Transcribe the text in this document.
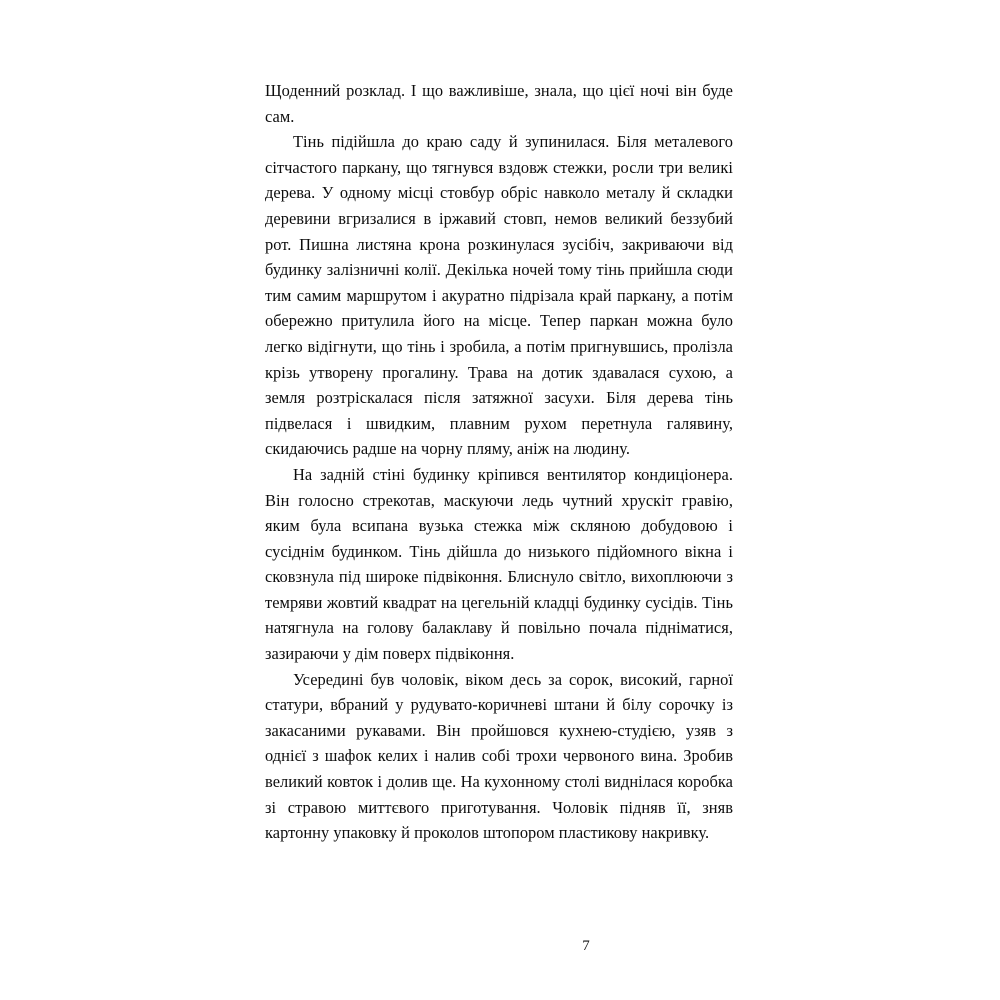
Щоденний розклад. І що важливіше, знала, що цієї ночі він буде сам.

Тінь підійшла до краю саду й зупинилася. Біля металевого сітчастого паркану, що тягнувся вздовж стежки, росли три великі дерева. У одному місці стовбур обріс навколо металу й складки деревини вгризалися в іржавий стовп, немов великий беззубий рот. Пишна листяна крона розкинулася зусібіч, закриваючи від будинку залізничні колії. Декілька ночей тому тінь прийшла сюди тим самим маршрутом і акуратно підрізала край паркану, а потім обережно притулила його на місце. Тепер паркан можна було легко відігнути, що тінь і зробила, а потім пригнувшись, пролізла крізь утворену прогалину. Трава на дотик здавалася сухою, а земля розтріскалася після затяжної засухи. Біля дерева тінь підвелася і швидким, плавним рухом перетнула галявину, скидаючись радше на чорну пляму, аніж на людину.

На задній стіні будинку кріпився вентилятор кондиціонера. Він голосно стрекотав, маскуючи ледь чутний хрускіт гравію, яким була всипана вузька стежка між скляною добудовою і сусіднім будинком. Тінь дійшла до низького підйомного вікна і сковзнула під широке підвіконня. Блиснуло світло, вихоплюючи з темряви жовтий квадрат на цегельній кладці будинку сусідів. Тінь натягнула на голову балаклаву й повільно почала підніматися, зазираючи у дім поверх підвіконня.

Усередині був чоловік, віком десь за сорок, високий, гарної статури, вбраний у рудувато-коричневі штани й білу сорочку із закасаними рукавами. Він пройшовся кухнею-студією, узяв з однієї з шафок келих і налив собі трохи червоного вина. Зробив великий ковток і долив ще. На кухонному столі виднілася коробка зі стравою миттєвого приготування. Чоловік підняв її, зняв картонну упаковку й проколов штопором пластикову накривку.

7
